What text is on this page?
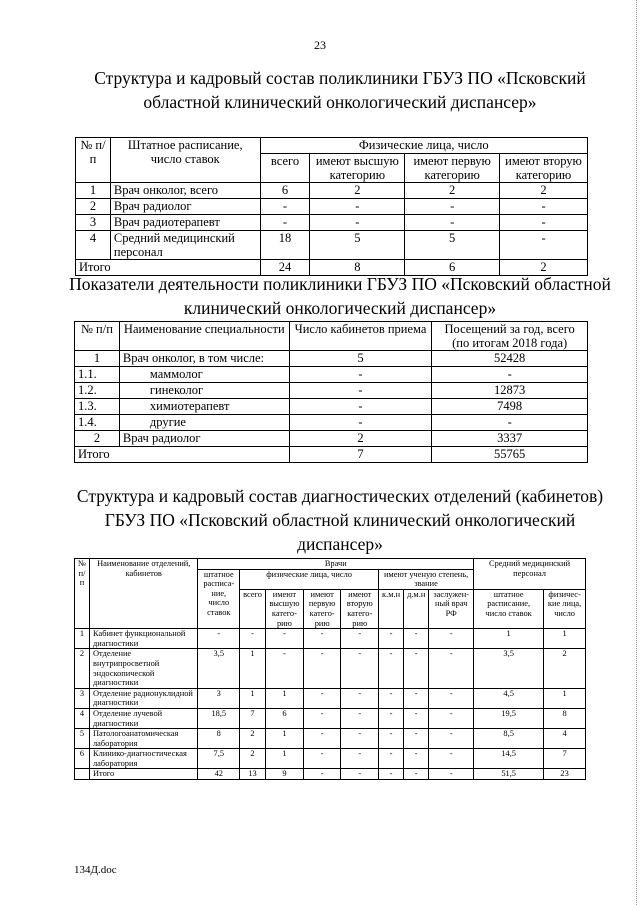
23
Структура и кадровый состав поликлиники ГБУЗ ПО «Псковский
областной клинический онкологический диспансер»
№ п/п	Штатное расписание, число ставок	Физические лица, число			
		всего	имеют высшую категорию	имеют первую категорию	имеют вторую категорию
1	Врач онколог, всего	6	2	2	2
2	Врач радиолог	-	-	-	-
3	Врач радиотерапевт	-	-	-	-
4	Средний медицинский персонал	18	5	5	-
Итого		24	8	6	2
Показатели деятельности поликлиники ГБУЗ ПО «Псковский областной
клинический онкологический диспансер»
№ п/п	Наименование специальности	Число кабинетов приема	Посещений за год, всего (по итогам 2018 года)
1	Врач онколог, в том числе:	5	52428
1.1.	маммолог	-	-
1.2.	гинеколог	-	12873
1.3.	химиотерапевт	-	7498
1.4.	другие	-	-
2	Врач радиолог	2	3337
Итого		7	55765
Структура и кадровый состав диагностических отделений (кабинетов)
ГБУЗ ПО «Псковский областной клинический онкологический
диспансер»
№ п/п	Наименование отделений, кабинетов	Врачи								Средний медицинский персонал	
		штатное расписа-ние, число ставок	физические лица, число				имеют ученую степень, звание				
			всего	имеют высшую катего-рию	имеют первую катего-рию	имеют вторую катего-рию	к.м.н	д.м.н	заслужен-ный врач РФ	штатное расписание, число ставок	физичес-кие лица, число
1	Кабинет функциональной диагностики	-	-	-	-	-	-	-	-	1	1
2	Отделение внутрипросветной эндоскопической диагностики	3,5	1	-	-	-	-	-	-	3,5	2
3	Отделение радионуклидной диагностики	3	1	1	-	-	-	-	-	4,5	1
4	Отделение лучевой диагностики	18,5	7	6	-	-	-	-	-	19,5	8
5	Патологоанатомическая лаборатория	8	2	1	-	-	-	-	-	8,5	4
6	Клинико-диагностическая лаборатория	7,5	2	1	-	-	-	-	-	14,5	7
	Итого	42	13	9	-	-	-	-	-	51,5	23
134Д.doc
